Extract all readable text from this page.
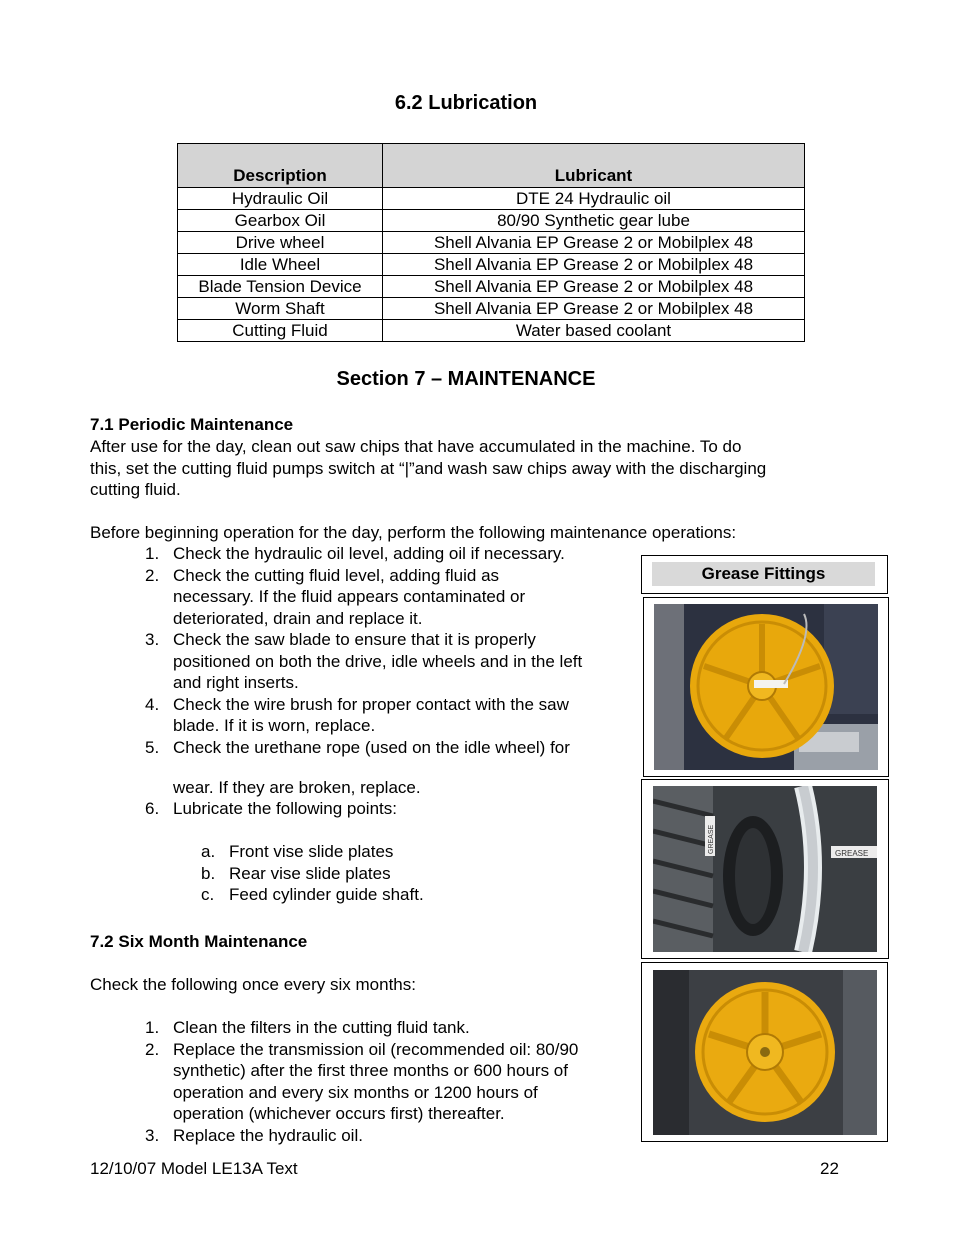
6.2 Lubrication
Description	Lubricant
Hydraulic Oil	DTE 24 Hydraulic oil
Gearbox Oil	80/90 Synthetic gear lube
Drive wheel	Shell Alvania EP Grease 2 or Mobilplex 48
Idle Wheel	Shell Alvania EP Grease 2 or Mobilplex 48
Blade Tension Device	Shell Alvania EP Grease 2 or Mobilplex 48
Worm Shaft	Shell Alvania EP Grease 2 or Mobilplex 48
Cutting Fluid	Water based coolant
Section 7 – MAINTENANCE
7.1 Periodic Maintenance
After use for the day, clean out saw chips that have accumulated in the machine. To do
this, set the cutting fluid pumps switch at “|”and wash saw chips away with the discharging
cutting fluid.
Before beginning operation for the day, perform the following maintenance operations:
1. Check the hydraulic oil level, adding oil if necessary.
2. Check the cutting fluid level, adding fluid as
necessary. If the fluid appears contaminated or
deteriorated, drain and replace it.
3. Check the saw blade to ensure that it is properly
positioned on both the drive, idle wheels and in the left
and right inserts.
4. Check the wire brush for proper contact with the saw
blade. If it is worn, replace.
5. Check the urethane rope (used on the idle wheel) for
wear. If they are broken, replace.
6. Lubricate the following points:
a. Front vise slide plates
b. Rear vise slide plates
c. Feed cylinder guide shaft.
7.2 Six Month Maintenance
Check the following once every six months:
1. Clean the filters in the cutting fluid tank.
2. Replace the transmission oil (recommended oil: 80/90
synthetic) after the first three months or 600 hours of
operation and every six months or 1200 hours of
operation (whichever occurs first) thereafter.
3. Replace the hydraulic oil.
Grease Fittings
GREASE
GREASE
12/10/07 Model LE13A Text	22
